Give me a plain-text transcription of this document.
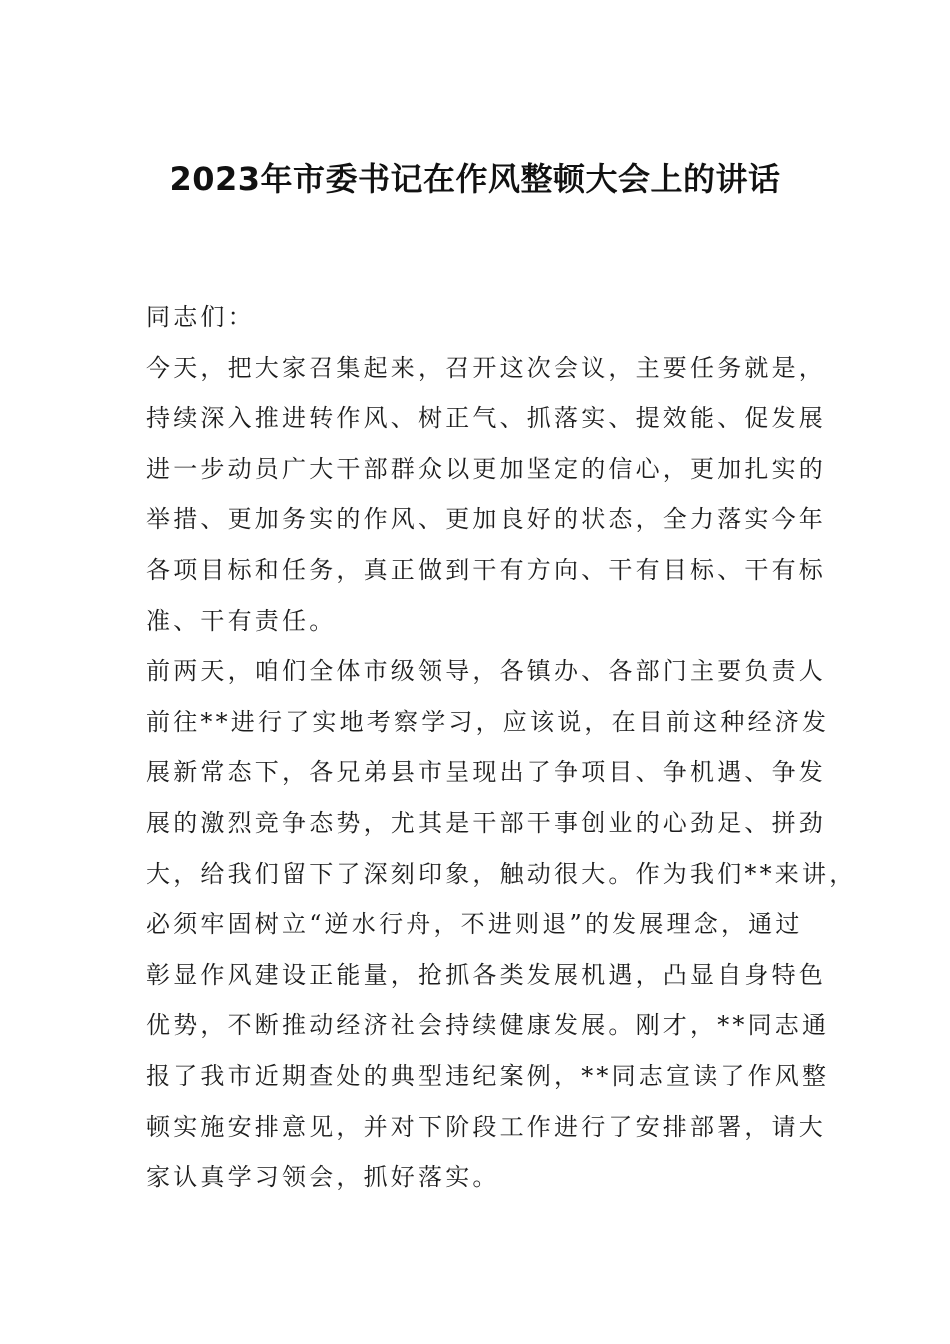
2023年市委书记在作风整顿大会上的讲话
同志们：
今天，把大家召集起来，召开这次会议，主要任务就是，
持续深入推进转作风、树正气、抓落实、提效能、促发展
进一步动员广大干部群众以更加坚定的信心，更加扎实的
举措、更加务实的作风、更加良好的状态，全力落实今年
各项目标和任务，真正做到干有方向、干有目标、干有标
准、干有责任。
前两天，咱们全体市级领导，各镇办、各部门主要负责人
前往**进行了实地考察学习，应该说，在目前这种经济发
展新常态下，各兄弟县市呈现出了争项目、争机遇、争发
展的激烈竞争态势，尤其是干部干事创业的心劲足、拼劲
大，给我们留下了深刻印象，触动很大。作为我们**来讲，
必须牢固树立“逆水行舟，不进则退”的发展理念，通过
彰显作风建设正能量，抢抓各类发展机遇，凸显自身特色
优势，不断推动经济社会持续健康发展。刚才，**同志通
报了我市近期查处的典型违纪案例，**同志宣读了作风整
顿实施安排意见，并对下阶段工作进行了安排部署，请大
家认真学习领会，抓好落实。
